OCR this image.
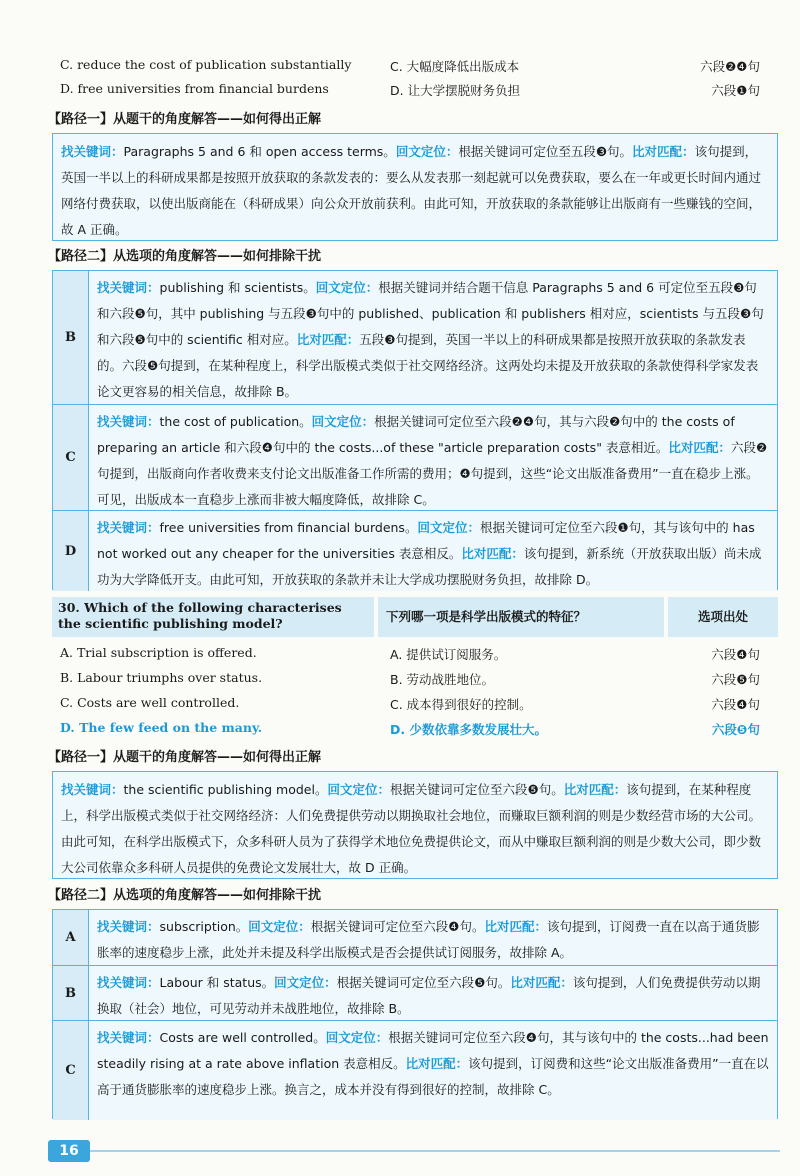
C. reduce the cost of publication substantially	C. 大幅度降低出版成本	六段❷❹句
D. free universities from financial burdens	D. 让大学摆脱财务负担	六段❶句
【路径一】从题干的角度解答——如何得出正解
找关键词：Paragraphs 5 and 6 和 open access terms。回文定位：根据关键词可定位至五段❸句。比对匹配：该句提到，英国一半以上的科研成果都是按照开放获取的条款发表的：要么从发表那一刻起就可以免费获取，要么在一年或更长时间内通过网络付费获取，以使出版商能在（科研成果）向公众开放前获利。由此可知，开放获取的条款能够让出版商有一些赚钱的空间，故 A 正确。
【路径二】从选项的角度解答——如何排除干扰
B
找关键词：publishing 和 scientists。回文定位：根据关键词并结合题干信息 Paragraphs 5 and 6 可定位至五段❸句和六段❺句，其中 publishing 与五段❸句中的 published、publication 和 publishers 相对应，scientists 与五段❸句和六段❺句中的 scientific 相对应。比对匹配：五段❸句提到，英国一半以上的科研成果都是按照开放获取的条款发表的。六段❺句提到，在某种程度上，科学出版模式类似于社交网络经济。这两处均未提及开放获取的条款使得科学家发表论文更容易的相关信息，故排除 B。
C
找关键词：the cost of publication。回文定位：根据关键词可定位至六段❷❹句，其与六段❷句中的 the costs of preparing an article 和六段❹句中的 the costs...of these "article preparation costs" 表意相近。比对匹配：六段❷句提到，出版商向作者收费来支付论文出版准备工作所需的费用；❹句提到，这些“论文出版准备费用”一直在稳步上涨。可见，出版成本一直稳步上涨而非被大幅度降低，故排除 C。
D
找关键词：free universities from financial burdens。回文定位：根据关键词可定位至六段❶句，其与该句中的 has not worked out any cheaper for the universities 表意相反。比对匹配：该句提到，新系统（开放获取出版）尚未成功为大学降低开支。由此可知，开放获取的条款并未让大学成功摆脱财务负担，故排除 D。
30. Which of the following characterises the scientific publishing model?	下列哪一项是科学出版模式的特征？	选项出处
A. Trial subscription is offered.	A. 提供试订阅服务。	六段❹句
B. Labour triumphs over status.	B. 劳动战胜地位。	六段❺句
C. Costs are well controlled.	C. 成本得到很好的控制。	六段❹句
D. The few feed on the many.	D. 少数依靠多数发展壮大。	六段❺句
【路径一】从题干的角度解答——如何得出正解
找关键词：the scientific publishing model。回文定位：根据关键词可定位至六段❺句。比对匹配：该句提到，在某种程度上，科学出版模式类似于社交网络经济：人们免费提供劳动以期换取社会地位，而赚取巨额利润的则是少数经营市场的大公司。由此可知，在科学出版模式下，众多科研人员为了获得学术地位免费提供论文，而从中赚取巨额利润的则是少数大公司，即少数大公司依靠众多科研人员提供的免费论文发展壮大，故 D 正确。
【路径二】从选项的角度解答——如何排除干扰
A
找关键词：subscription。回文定位：根据关键词可定位至六段❹句。比对匹配：该句提到，订阅费一直在以高于通货膨胀率的速度稳步上涨，此处并未提及科学出版模式是否会提供试订阅服务，故排除 A。
B
找关键词：Labour 和 status。回文定位：根据关键词可定位至六段❺句。比对匹配：该句提到，人们免费提供劳动以期换取（社会）地位，可见劳动并未战胜地位，故排除 B。
C
找关键词：Costs are well controlled。回文定位：根据关键词可定位至六段❹句，其与该句中的 the costs...had been steadily rising at a rate above inflation 表意相反。比对匹配：该句提到，订阅费和这些“论文出版准备费用”一直在以高于通货膨胀率的速度稳步上涨。换言之，成本并没有得到很好的控制，故排除 C。
16
